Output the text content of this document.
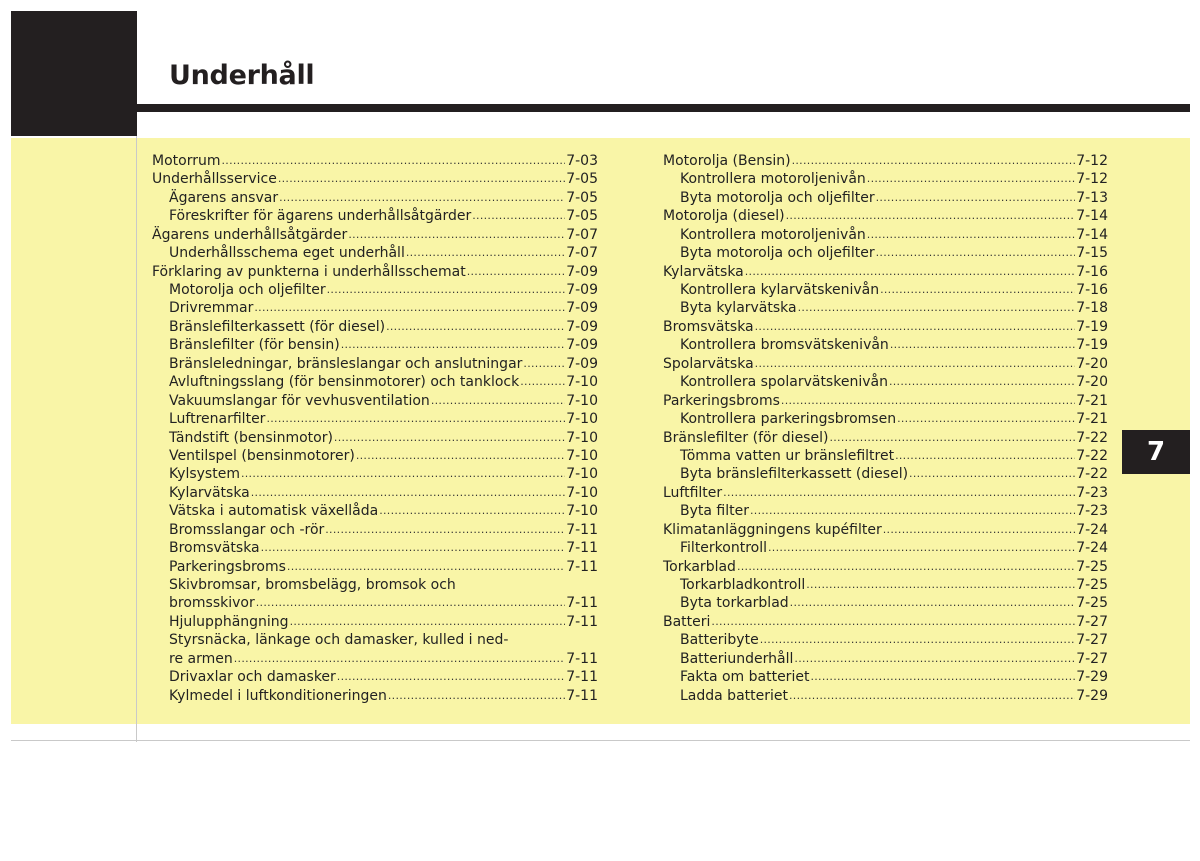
Underhåll
7
Motorrum .....	7-03
Underhållsservice .....	7-05
Ägarens ansvar .....	7-05
Föreskrifter för ägarens underhållsåtgärder .....	7-05
Ägarens underhållsåtgärder .....	7-07
Underhållsschema eget underhåll .....	7-07
Förklaring av punkterna i underhållsschemat .....	7-09
Motorolja och oljefilter .....	7-09
Drivremmar .....	7-09
Bränslefilterkassett (för diesel) .....	7-09
Bränslefilter (för bensin) .....	7-09
Bränsleledningar, bränsleslangar och anslutningar .....	7-09
Avluftningsslang (för bensinmotorer) och tanklock .....	7-10
Vakuumslangar för vevhusventilation .....	7-10
Luftrenarfilter .....	7-10
Tändstift (bensinmotor) .....	7-10
Ventilspel (bensinmotorer) .....	7-10
Kylsystem .....	7-10
Kylarvätska .....	7-10
Vätska i automatisk växellåda .....	7-10
Bromsslangar och -rör .....	7-11
Bromsvätska .....	7-11
Parkeringsbroms .....	7-11
Skivbromsar, bromsbelägg, bromsok och
bromsskivor .....	7-11
Hjulupphängning .....	7-11
Styrsnäcka, länkage och damasker, kulled i ned-
re armen .....	7-11
Drivaxlar och damasker .....	7-11
Kylmedel i luftkonditioneringen .....	7-11
Motorolja (Bensin) .....	7-12
Kontrollera motoroljenivån .....	7-12
Byta motorolja och oljefilter .....	7-13
Motorolja (diesel) .....	7-14
Kontrollera motoroljenivån .....	7-14
Byta motorolja och oljefilter .....	7-15
Kylarvätska .....	7-16
Kontrollera kylarvätskenivån .....	7-16
Byta kylarvätska .....	7-18
Bromsvätska .....	7-19
Kontrollera bromsvätskenivån .....	7-19
Spolarvätska .....	7-20
Kontrollera spolarvätskenivån .....	7-20
Parkeringsbroms .....	7-21
Kontrollera parkeringsbromsen .....	7-21
Bränslefilter (för diesel) .....	7-22
Tömma vatten ur bränslefiltret .....	7-22
Byta bränslefilterkassett (diesel) .....	7-22
Luftfilter .....	7-23
Byta filter .....	7-23
Klimatanläggningens kupéfilter .....	7-24
Filterkontroll .....	7-24
Torkarblad .....	7-25
Torkarbladkontroll .....	7-25
Byta torkarblad .....	7-25
Batteri .....	7-27
Batteribyte .....	7-27
Batteriunderhåll .....	7-27
Fakta om batteriet .....	7-29
Ladda batteriet .....	7-29
